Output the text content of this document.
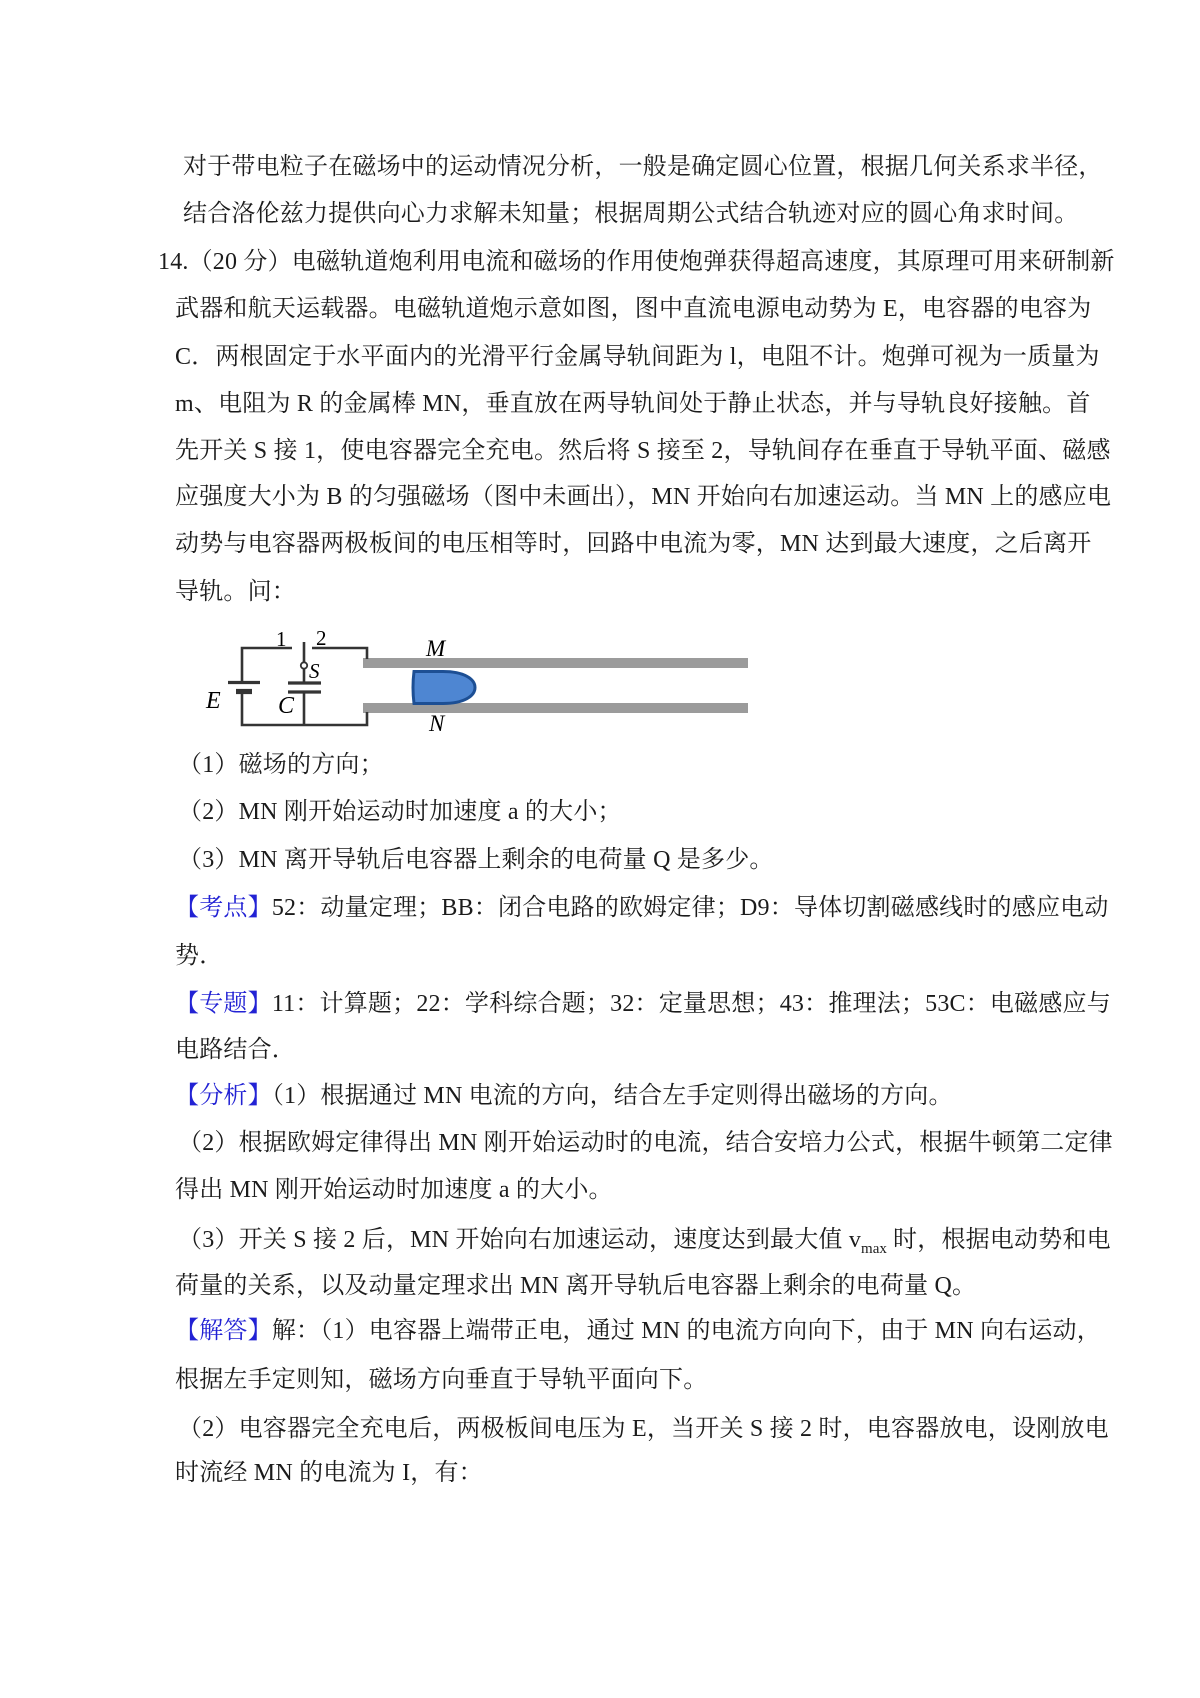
对于带电粒子在磁场中的运动情况分析，一般是确定圆心位置，根据几何关系求半径，
结合洛伦兹力提供向心力求解未知量；根据周期公式结合轨迹对应的圆心角求时间。
14.（20 分）电磁轨道炮利用电流和磁场的作用使炮弹获得超高速度，其原理可用来研制新
武器和航天运载器。电磁轨道炮示意如图，图中直流电源电动势为 E，电容器的电容为
C．两根固定于水平面内的光滑平行金属导轨间距为 l，电阻不计。炮弹可视为一质量为
m、电阻为 R 的金属棒 MN，垂直放在两导轨间处于静止状态，并与导轨良好接触。首
先开关 S 接 1，使电容器完全充电。然后将 S 接至 2，导轨间存在垂直于导轨平面、磁感
应强度大小为 B 的匀强磁场（图中未画出），MN 开始向右加速运动。当 MN 上的感应电
动势与电容器两极板间的电压相等时，回路中电流为零，MN 达到最大速度，之后离开
导轨。问：
1 2
S
E C
M
N
（1）磁场的方向；
（2）MN 刚开始运动时加速度 a 的大小；
（3）MN 离开导轨后电容器上剩余的电荷量 Q 是多少。
【考点】52：动量定理；BB：闭合电路的欧姆定律；D9：导体切割磁感线时的感应电动
势．
【专题】11：计算题；22：学科综合题；32：定量思想；43：推理法；53C：电磁感应与
电路结合．
【分析】（1）根据通过 MN 电流的方向，结合左手定则得出磁场的方向。
（2）根据欧姆定律得出 MN 刚开始运动时的电流，结合安培力公式，根据牛顿第二定律
得出 MN 刚开始运动时加速度 a 的大小。
（3）开关 S 接 2 后，MN 开始向右加速运动，速度达到最大值 $v_{max}$ 时，根据电动势和电
荷量的关系，以及动量定理求出 MN 离开导轨后电容器上剩余的电荷量 Q。
【解答】解：（1）电容器上端带正电，通过 MN 的电流方向向下，由于 MN 向右运动，
根据左手定则知，磁场方向垂直于导轨平面向下。
（2）电容器完全充电后，两极板间电压为 E，当开关 S 接 2 时，电容器放电，设刚放电
时流经 MN 的电流为 I，有：
